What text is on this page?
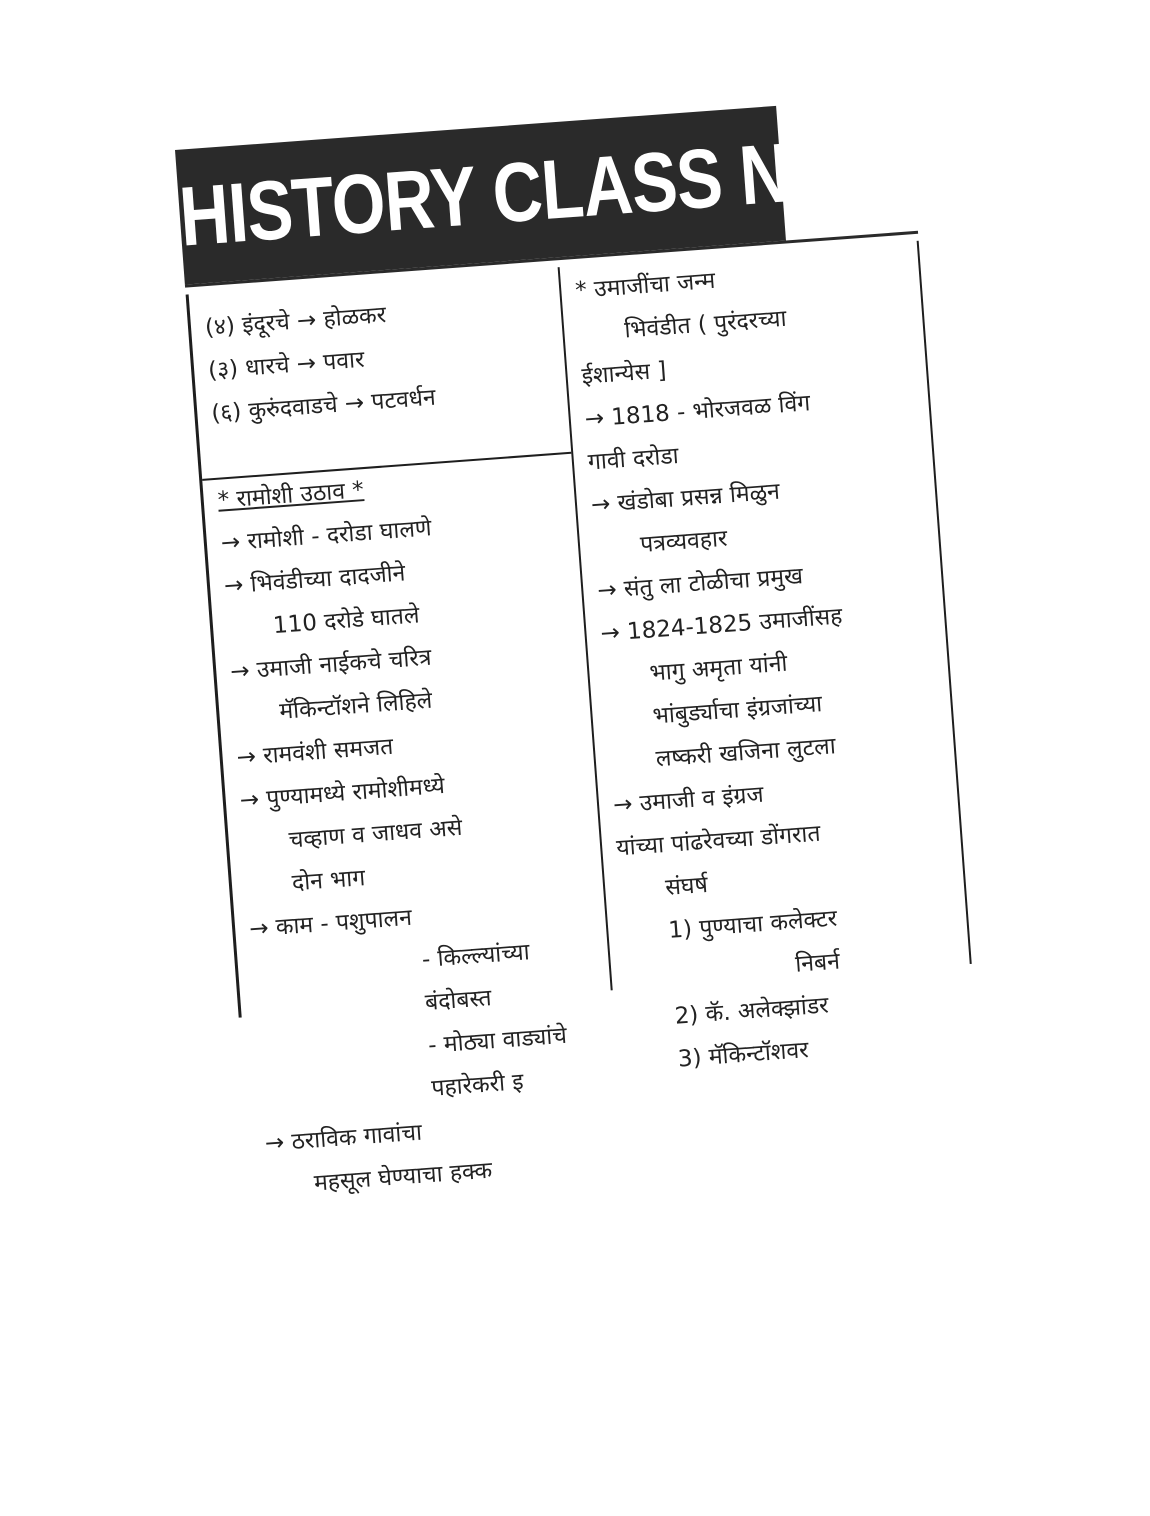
HISTORY CLASS NOTES

(४) इंदूरचे → होळकर

(३) धारचे → पवार

(६) कुरुंदवाडचे → पटवर्धन

* रामोशी उठाव *

→ रामोशी - दरोडा घालणे

→ भिवंडीच्या दादजीने

110 दरोडे घातले

→ उमाजी नाईकचे चरित्र

मॅकिन्टॉशने लिहिले

→ रामवंशी समजत

→ पुण्यामध्ये रामोशीमध्ये

चव्हाण व जाधव असे

दोन भाग

→ काम - पशुपालन

- किल्ल्यांच्या

बंदोबस्त

- मोठ्या वाड्यांचे

पहारेकरी इ

→ ठराविक गावांचा

महसूल घेण्याचा हक्क

* उमाजींचा जन्म

भिवंडीत ( पुरंदरच्या

ईशान्येस ]

→ 1818 - भोरजवळ विंग

गावी दरोडा

→ खंडोबा प्रसन्न मिळुन

पत्रव्यवहार

→ संतु ला टोळीचा प्रमुख

→ 1824-1825 उमाजींसह

भागु अमृता यांनी

भांबुर्ड्याचा इंग्रजांच्या

लष्करी खजिना लुटला

→ उमाजी व इंग्रज

यांच्या पांढरेवच्या डोंगरात

संघर्ष

1) पुण्याचा कलेक्टर

निबर्न

2) कॅ. अलेक्झांडर

3) मॅकिन्टॉशवर
